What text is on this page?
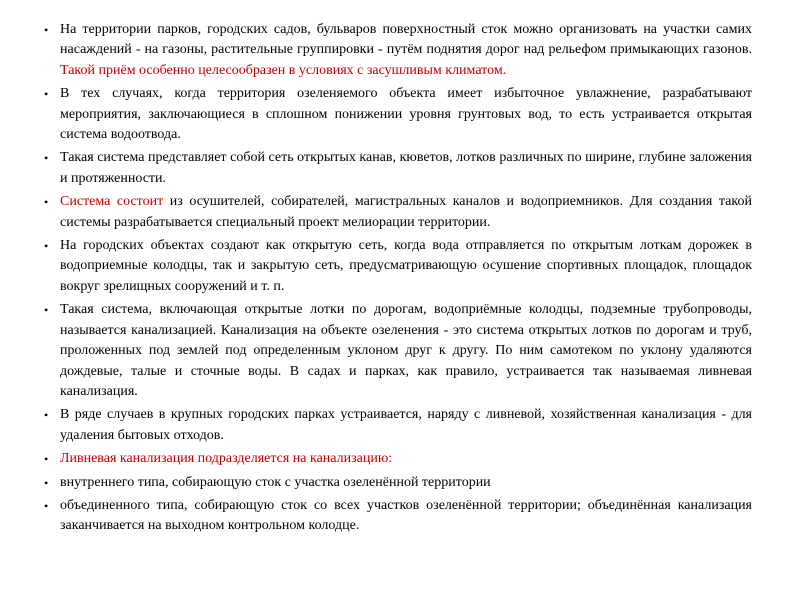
• На территории парков, городских садов, бульваров поверхностный сток можно организовать на участки самих насаждений - на газоны, растительные группировки - путём поднятия дорог над рельефом примыкающих газонов. Такой приём особенно целесообразен в условиях с засушливым климатом.
• В тех случаях, когда территория озеленяемого объекта имеет избыточное увлажнение, разрабатывают мероприятия, заключающиеся в сплошном понижении уровня грунтовых вод, то есть устраивается открытая система водоотвода.
• Такая система представляет собой сеть открытых канав, кюветов, лотков различных по ширине, глубине заложения и протяженности.
• Система состоит из осушителей, собирателей, магистральных каналов и водоприемников. Для создания такой системы разрабатывается специальный проект мелиорации территории.
• На городских объектах создают как открытую сеть, когда вода отправляется по открытым лоткам дорожек в водоприемные колодцы, так и закрытую сеть, предусматривающую осушение спортивных площадок, площадок вокруг зрелищных сооружений и т. п.
• Такая система, включающая открытые лотки по дорогам, водоприёмные колодцы, подземные трубопроводы, называется канализацией. Канализация на объекте озеленения - это система открытых лотков по дорогам и труб, проложенных под землей под определенным уклоном друг к другу. По ним самотеком по уклону удаляются дождевые, талые и сточные воды. В садах и парках, как правило, устраивается так называемая ливневая канализация.
• В ряде случаев в крупных городских парках устраивается, наряду с ливневой, хозяйственная канализация - для удаления бытовых отходов.
• Ливневая канализация подразделяется на канализацию:
• внутреннего типа, собирающую сток с участка озеленённой территории
• объединенного типа, собирающую сток со всех участков озеленённой территории; объединённая канализация заканчивается на выходном контрольном колодце.
